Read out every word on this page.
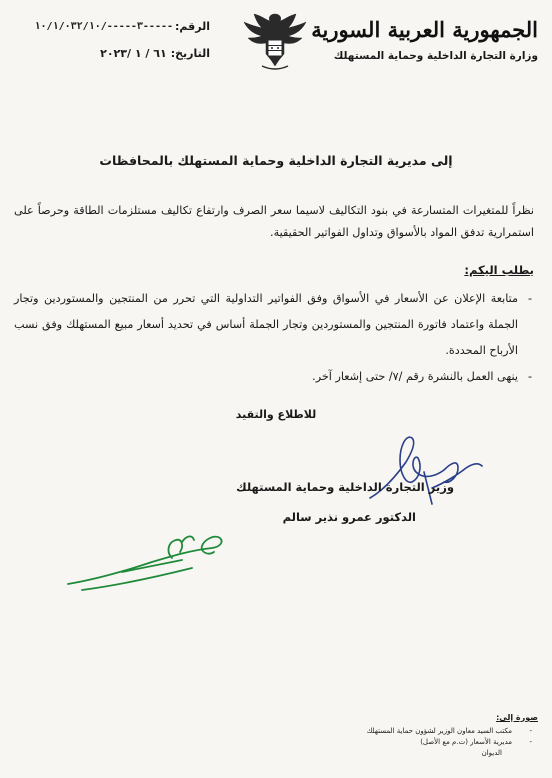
الجمهورية العربية السورية
وزارة التجارة الداخلية وحماية المستهلك
الرقم:
-----٣-----/١٠/١/٠٣٢/١٠
التاريخ:
٦١ / ١ /٢٠٢٣
إلى مديرية التجارة الداخلية وحماية المستهلك بالمحافظات

نظراً للمتغيرات المتسارعة في بنود التكاليف لاسيما سعر الصرف وارتفاع تكاليف مستلزمات الطاقة وحرصاً على استمرارية تدفق المواد بالأسواق وتداول الفواتير الحقيقية.

يطلب اليكم:
- متابعة الإعلان عن الأسعار في الأسواق وفق الفواتير التداولية التي تحرر من المنتجين والمستوردين وتجار الجملة واعتماد فاتورة المنتجين والمستوردين وتجار الجملة أساس في تحديد أسعار مبيع المستهلك وفق نسب الأرباح المحددة.
- ينهى العمل بالنشرة رقم /٧/ حتى إشعار آخر.
للاطلاع والتقيد
وزير التجارة الداخلية وحماية المستهلك
الدكتور عمرو نذير سالم
صورة إلى:
- مكتب السيد معاون الوزير لشؤون حماية المستهلك
- مديرية الأسعار (ت.م مع الأصل)
الديوان
